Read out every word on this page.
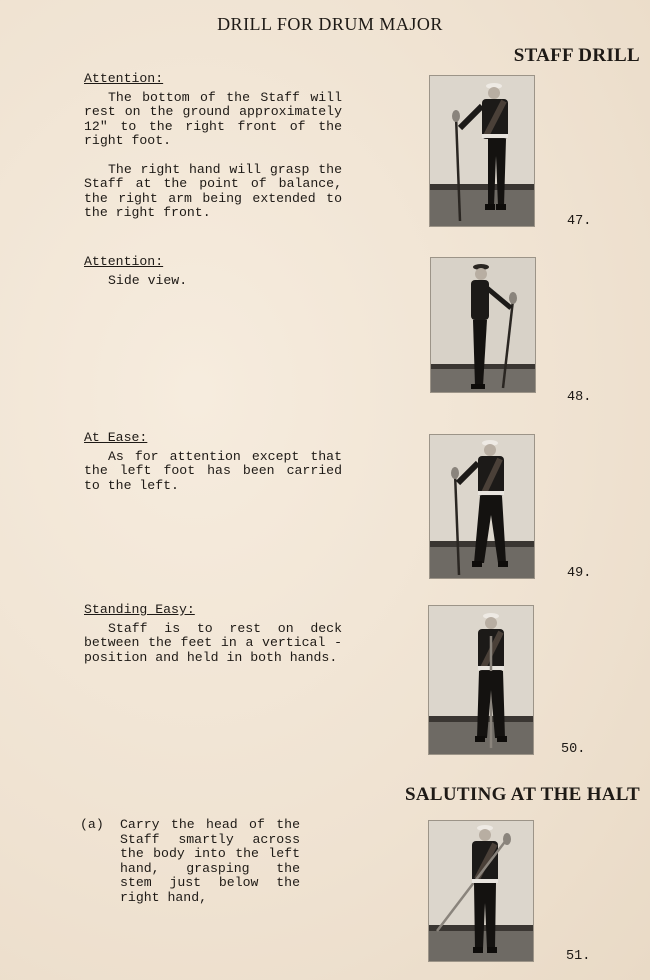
DRILL FOR DRUM MAJOR
STAFF DRILL
Attention:

The bottom of the Staff will rest on the ground approximately 12" to the right front of the right foot.

The right hand will grasp the Staff at the point of balance, the right arm being extended to the right front.

Attention:

Side view.

At Ease:

As for attention except that the left foot has been carried to the left.

Standing Easy:

Staff is to rest on deck between the feet in a vertical - position and held in both hands.

SALUTING AT THE HALT
(a)	Carry the head of the Staff smartly across the body into the left hand, grasping the stem just below the right hand,
47.
48.
49.
50.
51.
